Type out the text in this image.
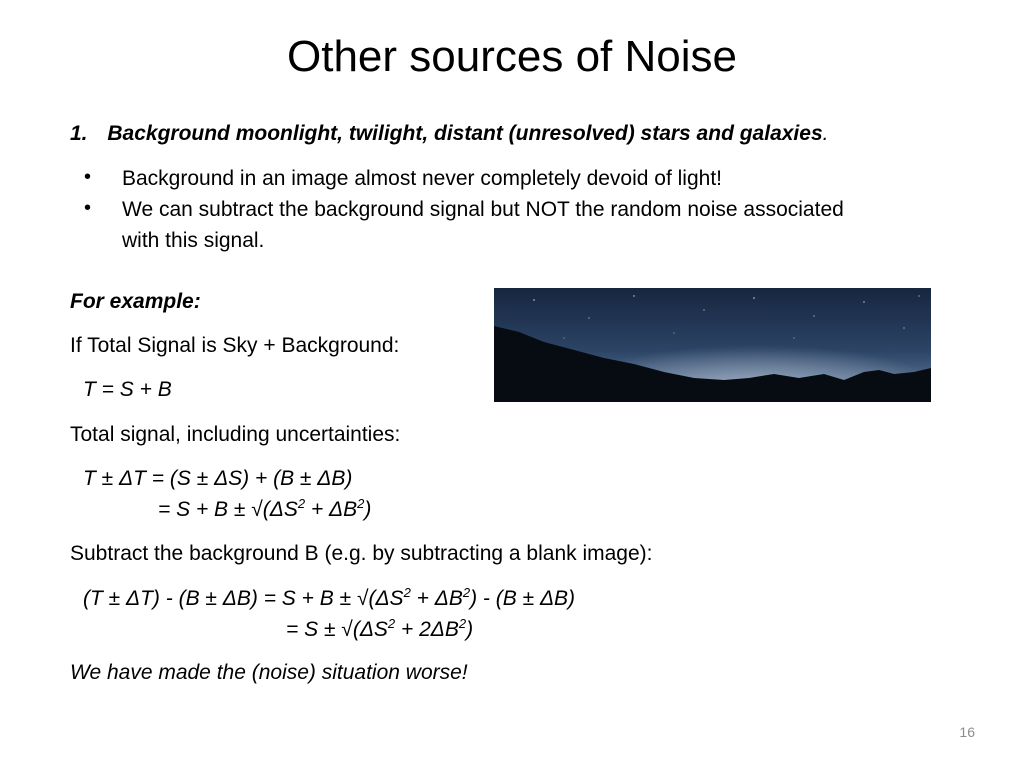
Other sources of Noise
1. Background moonlight, twilight, distant (unresolved) stars and galaxies.
• Background in an image almost never completely devoid of light!
• We can subtract the background signal but NOT the random noise associated
with this signal.
For example:
If Total Signal is Sky + Background:
T = S + B
Total signal, including uncertainties:
T ± ΔT = (S ± ΔS) + (B ± ΔB)
= $S + B \pm √(\Delta S^2 + \Delta B^2)$
Subtract the background B (e.g. by subtracting a blank image):
$(T \pm \Delta T) - (B \pm \Delta B) = S + B \pm √(\Delta S^2 + \Delta B^2) - (B \pm \Delta B)$
= $S \pm √(\Delta S^2 + 2\Delta B^2)$
We have made the (noise) situation worse!
16
